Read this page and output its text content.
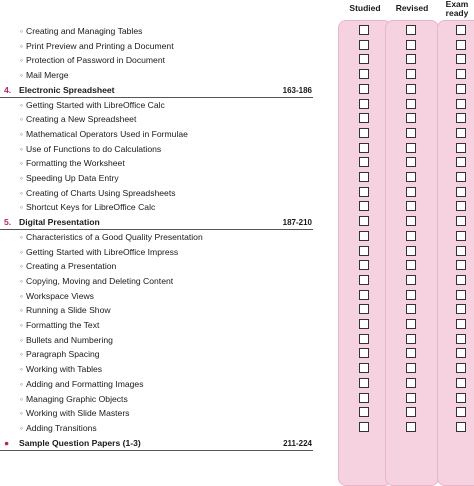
Studied	Revised	Exam ready
◦ Creating and Managing Tables
◦ Print Preview and Printing a Document
◦ Protection of Password in Document
◦ Mail Merge
4. Electronic Spreadsheet	163-186
◦ Getting Started with LibreOffice Calc
◦ Creating a New Spreadsheet
◦ Mathematical Operators Used in Formulae
◦ Use of Functions to do Calculations
◦ Formatting the Worksheet
◦ Speeding Up Data Entry
◦ Creating of Charts Using Spreadsheets
◦ Shortcut Keys for LibreOffice Calc
5. Digital Presentation	187-210
◦ Characteristics of a Good Quality Presentation
◦ Getting Started with LibreOffice Impress
◦ Creating a Presentation
◦ Copying, Moving and Deleting Content
◦ Workspace Views
◦ Running a Slide Show
◦ Formatting the Text
◦ Bullets and Numbering
◦ Paragraph Spacing
◦ Working with Tables
◦ Adding and Formatting Images
◦ Managing Graphic Objects
◦ Working with Slide Masters
◦ Adding Transitions
● Sample Question Papers (1-3)	211-224
